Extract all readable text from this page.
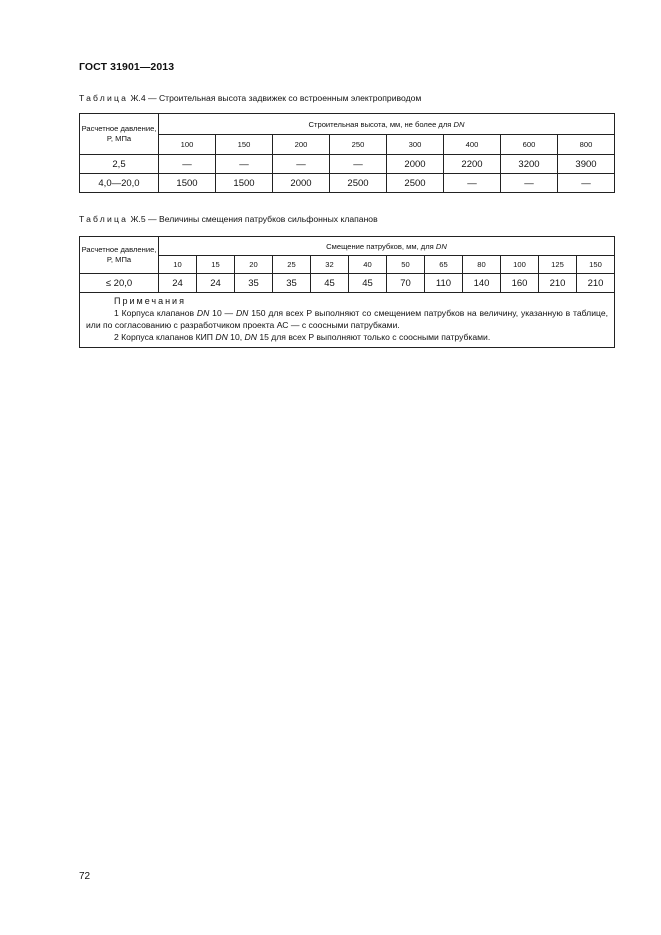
ГОСТ 31901—2013
Таблица Ж.4 — Строительная высота задвижек со встроенным электроприводом
Расчетное давление, P, МПа	Строительная высота, мм, не более для DN							
	100	150	200	250	300	400	600	800
2,5	—	—	—	—	2000	2200	3200	3900
4,0—20,0	1500	1500	2000	2500	2500	—	—	—
Таблица Ж.5 — Величины смещения патрубков сильфонных клапанов
Расчетное давление, P, МПа	Смещение патрубков, мм, для DN											
	10	15	20	25	32	40	50	65	80	100	125	150
≤ 20,0	24	24	35	35	45	45	70	110	140	160	210	210

Примечания
1 Корпуса клапанов DN 10 — DN 150 для всех P выполняют со смещением патрубков на величину, указанную в таблице, или по согласованию с разработчиком проекта АС — с соосными патрубками.
2 Корпуса клапанов КИП DN 10, DN 15 для всех P выполняют только с соосными патрубками.												
72
